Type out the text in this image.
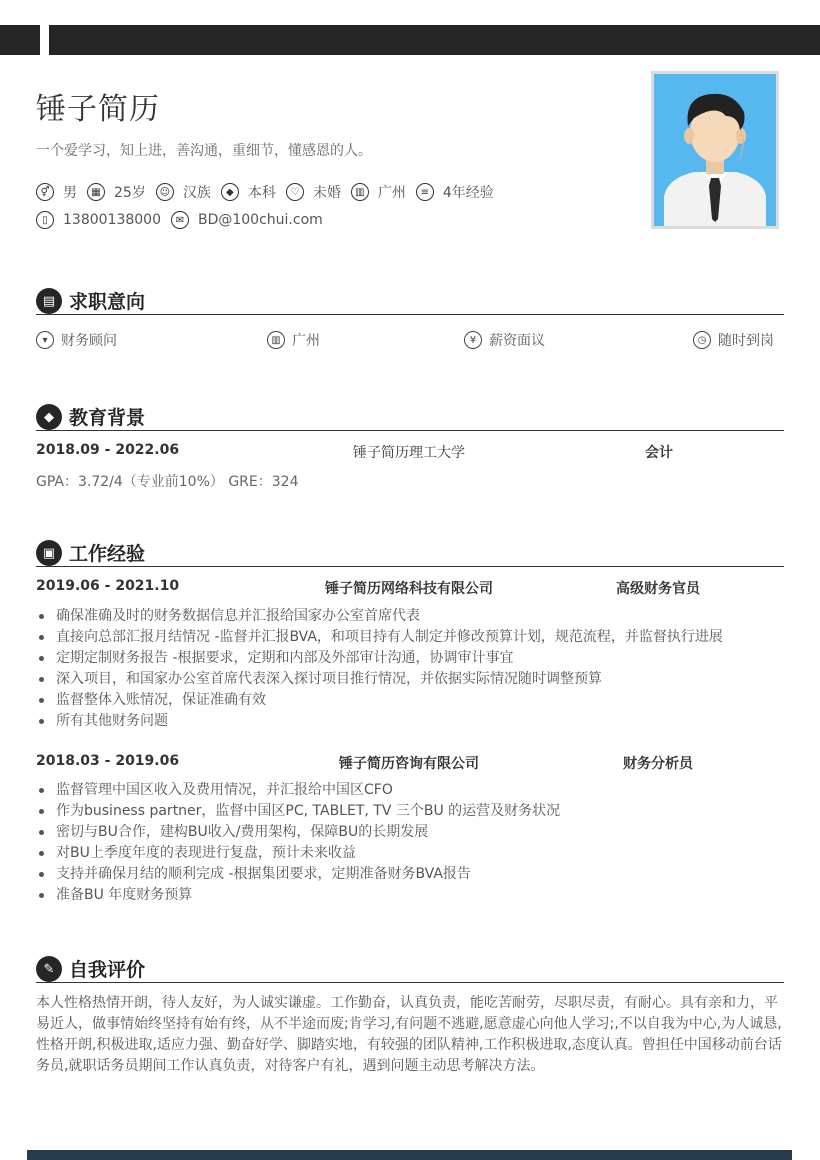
锤子简历
一个爱学习，知上进，善沟通，重细节，懂感恩的人。
⚥ 男	▦ 25岁	☺ 汉族	◆	本科	♡ 未婚	▥ 广州	≡ 4年经验
▯	13800138000	✉ BD@100chui.com
▤ 求职意向
▾ 财务顾问	▥ 广州	¥ 薪资面议	◷ 随时到岗
◆ 教育背景
2018.09 - 2022.06	锤子简历理工大学	会计
GPA：3.72/4（专业前10%） GRE：324
▣ 工作经验
2019.06 - 2021.10	锤子简历网络科技有限公司	高级财务官员
确保准确及时的财务数据信息并汇报给国家办公室首席代表
直接向总部汇报月结情况 -监督并汇报BVA，和项目持有人制定并修改预算计划，规范流程，并监督执行进展
定期定制财务报告 -根据要求，定期和内部及外部审计沟通，协调审计事宜
深入项目，和国家办公室首席代表深入探讨项目推行情况，并依据实际情况随时调整预算
监督整体入账情况，保证准确有效
所有其他财务问题
2018.03 - 2019.06	锤子简历咨询有限公司	财务分析员
监督管理中国区收入及费用情况，并汇报给中国区CFO
作为business partner，监督中国区PC, TABLET, TV 三个BU 的运营及财务状况
密切与BU合作，建构BU收入/费用架构，保障BU的长期发展
对BU上季度年度的表现进行复盘，预计未来收益
支持并确保月结的顺利完成 -根据集团要求，定期准备财务BVA报告
准备BU 年度财务预算
✎ 自我评价
本人性格热情开朗，待人友好，为人诚实谦虚。工作勤奋，认真负责，能吃苦耐劳，尽职尽责，有耐心。具有亲和力，平易近人，做事情始终坚持有始有终，从不半途而废;肯学习,有问题不逃避,愿意虚心向他人学习;,不以自我为中心,为人诚恳,性格开朗,积极进取,适应力强、勤奋好学、脚踏实地，有较强的团队精神,工作积极进取,态度认真。曾担任中国移动前台话务员,就职话务员期间工作认真负责，对待客户有礼，遇到问题主动思考解决方法。
